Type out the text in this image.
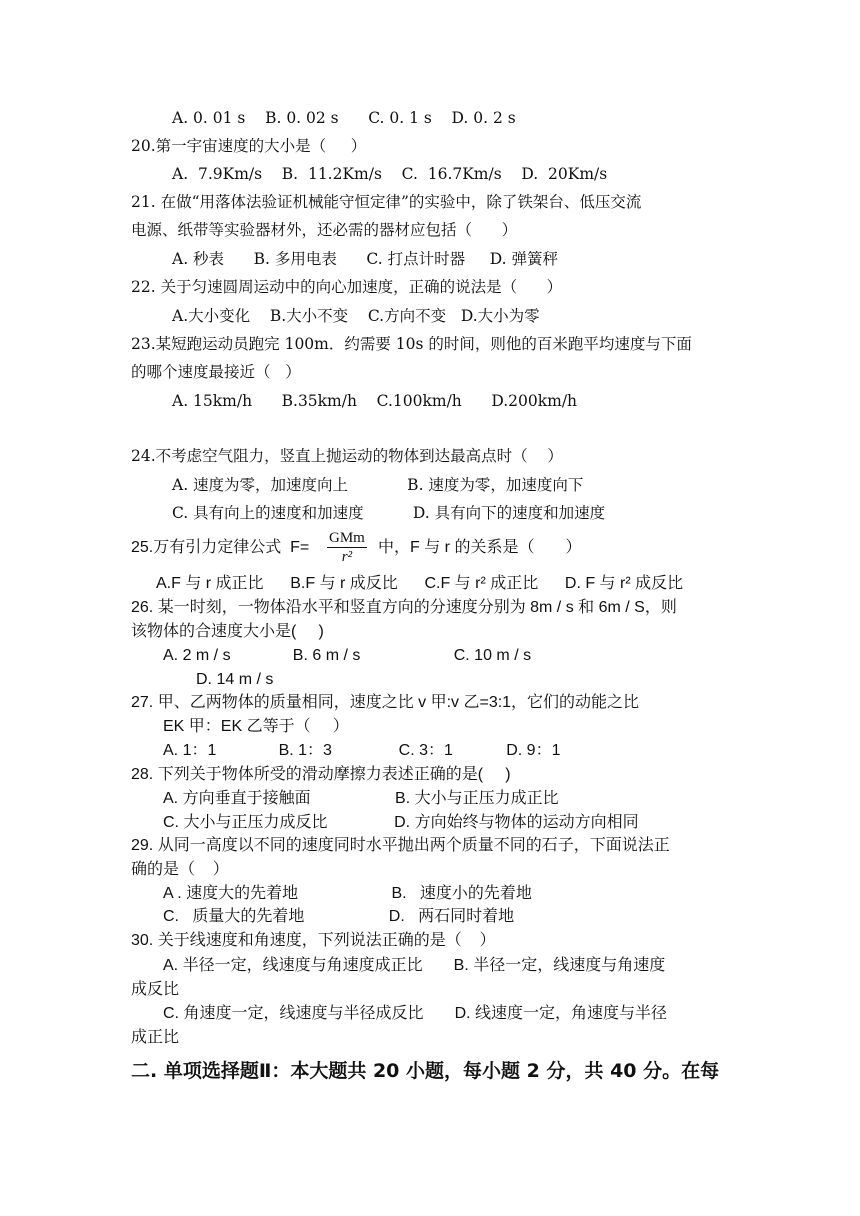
A. 0. 01 s    B. 0. 02 s      C. 0. 1 s    D. 0. 2 s
20.第一宇宙速度的大小是（     ）
A.  7.9Km/s    B.  11.2Km/s    C.  16.7Km/s    D.  20Km/s
21. 在做“用落体法验证机械能守恒定律”的实验中，除了铁架台、低压交流
电源、纸带等实验器材外，还必需的器材应包括（      ）
A. 秒表      B. 多用电表      C. 打点计时器     D. 弹簧秤
22. 关于匀速圆周运动中的向心加速度，正确的说法是（      ）
A.大小变化    B.大小不变    C.方向不变   D.大小为零
23.某短跑运动员跑完 100m．约需要 10s 的时间，则他的百米跑平均速度与下面
的哪个速度最接近（   ）
A. 15km/h      B.35km/h    C.100km/h      D.200km/h
24.不考虑空气阻力，竖直上抛运动的物体到达最高点时（    ）
A. 速度为零，加速度向上            B. 速度为零，加速度向下
C. 具有向上的速度和加速度          D. 具有向下的速度和加速度
25.万有引力定律公式  F=
GMm
r²
中，F 与 r 的关系是（       ）
A.F 与 r 成正比      B.F 与 r 成反比      C.F 与 r² 成正比      D. F 与 r² 成反比
26. 某一时刻，一物体沿水平和竖直方向的分速度分别为 8m / s 和 6m / S，则
该物体的合速度大小是(     )
A. 2 m / s              B. 6 m / s                     C. 10 m / s
D. 14 m / s
27. 甲、乙两物体的质量相同，速度之比 v 甲:v 乙=3:1，它们的动能之比
EK 甲：EK 乙等于（     ）
A. 1：1              B. 1：3               C. 3：1            D. 9：1
28. 下列关于物体所受的滑动摩擦力表述正确的是(     )
A. 方向垂直于接触面                   B. 大小与正压力成正比
C. 大小与正压力成反比               D. 方向始终与物体的运动方向相同
29. 从同一高度以不同的速度同时水平抛出两个质量不同的石子，下面说法正
确的是（    ）
A . 速度大的先着地                     B.   速度小的先着地
C.   质量大的先着地                   D.   两石同时着地
30. 关于线速度和角速度，下列说法正确的是（    ）
A. 半径一定，线速度与角速度成正比       B. 半径一定，线速度与角速度
成反比
C. 角速度一定，线速度与半径成反比       D. 线速度一定，角速度与半径
成正比
二. 单项选择题Ⅱ：本大题共 20 小题，每小题 2 分，共 40 分。在每
